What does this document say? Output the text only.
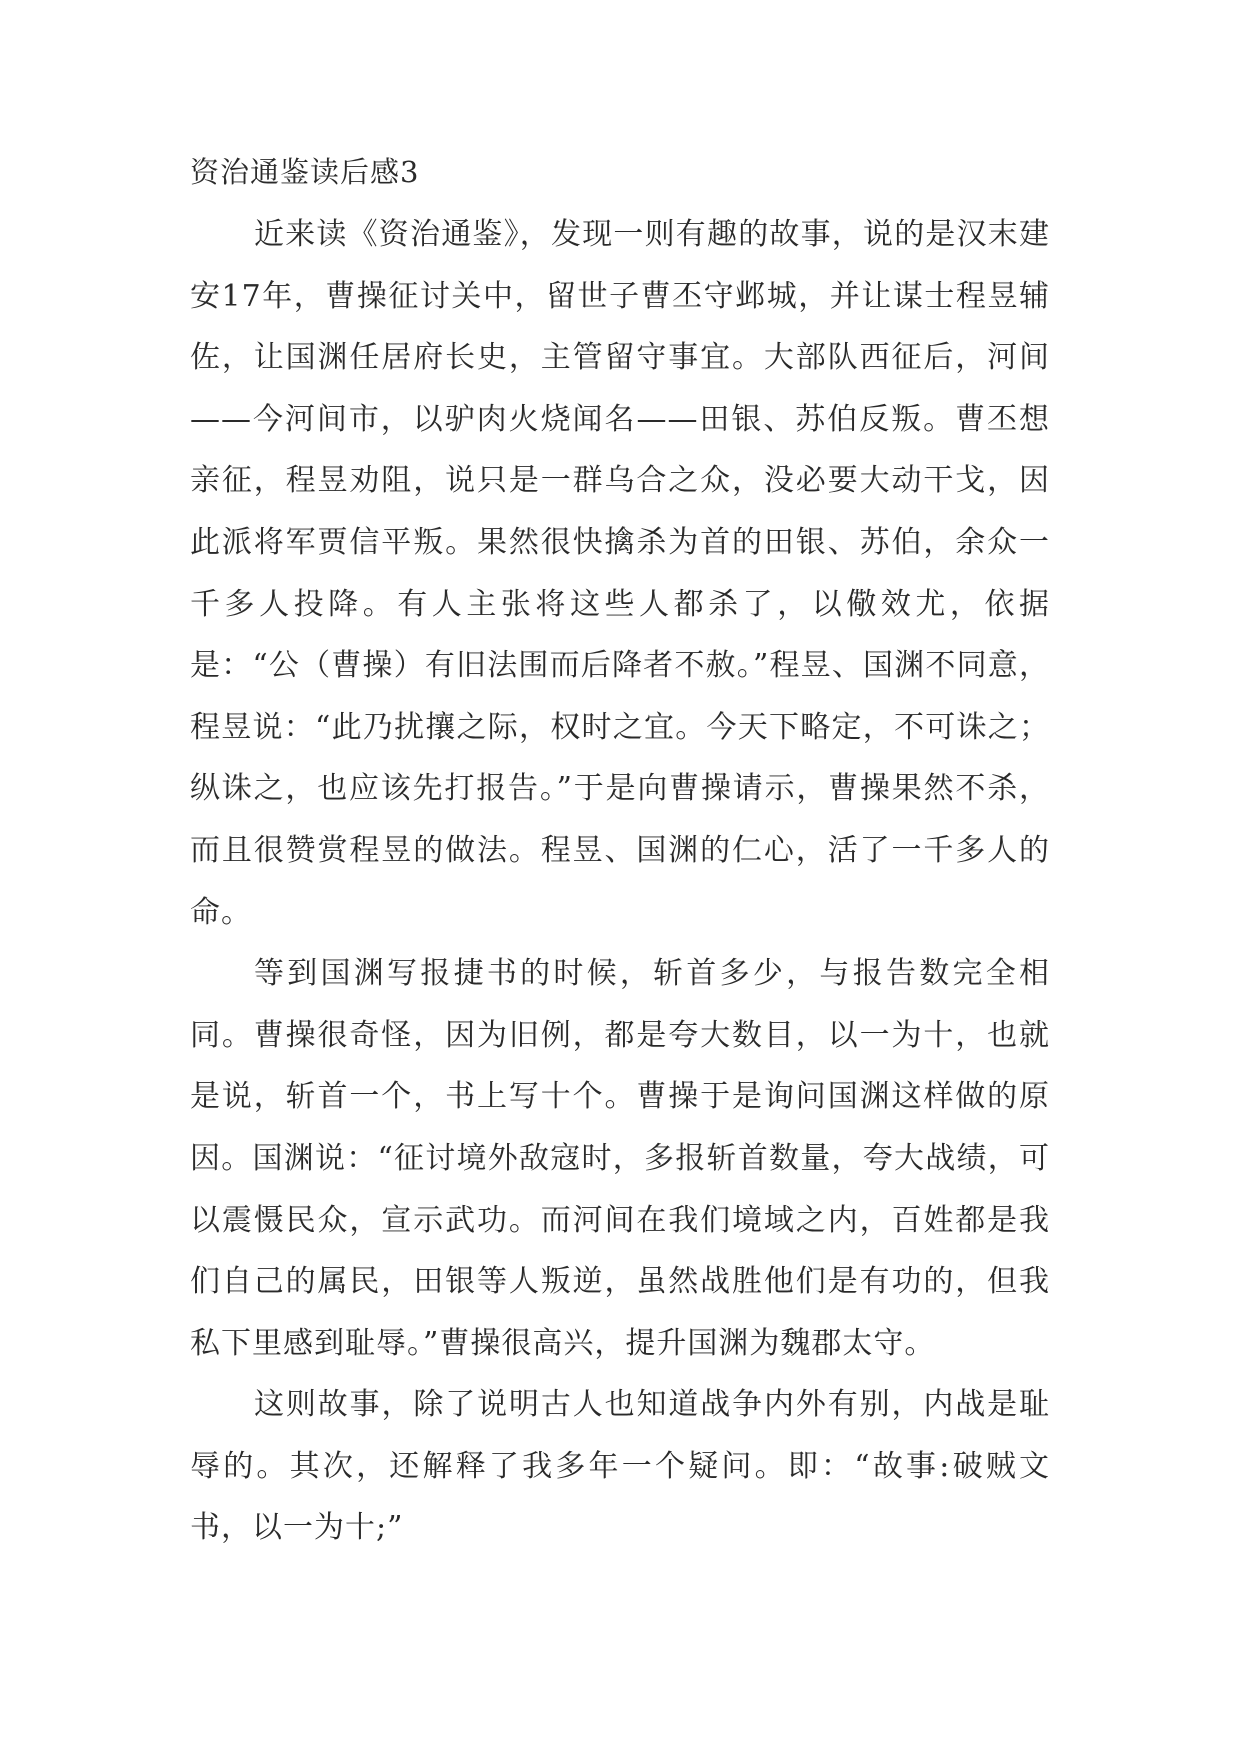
资治通鉴读后感3

近来读《资治通鉴》，发现一则有趣的故事，说的是汉末建安17年，曹操征讨关中，留世子曹丕守邺城，并让谋士程昱辅佐，让国渊任居府长史，主管留守事宜。大部队西征后，河间——今河间市，以驴肉火烧闻名——田银、苏伯反叛。曹丕想亲征，程昱劝阻，说只是一群乌合之众，没必要大动干戈，因此派将军贾信平叛。果然很快擒杀为首的田银、苏伯，余众一千多人投降。有人主张将这些人都杀了，以儆效尤，依据是：“公（曹操）有旧法围而后降者不赦。”程昱、国渊不同意，程昱说：“此乃扰攘之际，权时之宜。今天下略定，不可诛之；纵诛之，也应该先打报告。”于是向曹操请示，曹操果然不杀，而且很赞赏程昱的做法。程昱、国渊的仁心，活了一千多人的命。

等到国渊写报捷书的时候，斩首多少，与报告数完全相同。曹操很奇怪，因为旧例，都是夸大数目，以一为十，也就是说，斩首一个，书上写十个。曹操于是询问国渊这样做的原因。国渊说：“征讨境外敌寇时，多报斩首数量，夸大战绩，可以震慑民众，宣示武功。而河间在我们境域之内，百姓都是我们自己的属民，田银等人叛逆，虽然战胜他们是有功的，但我私下里感到耻辱。”曹操很高兴，提升国渊为魏郡太守。

这则故事，除了说明古人也知道战争内外有别，内战是耻辱的。其次，还解释了我多年一个疑问。即：“故事:破贼文书，以一为十;”
